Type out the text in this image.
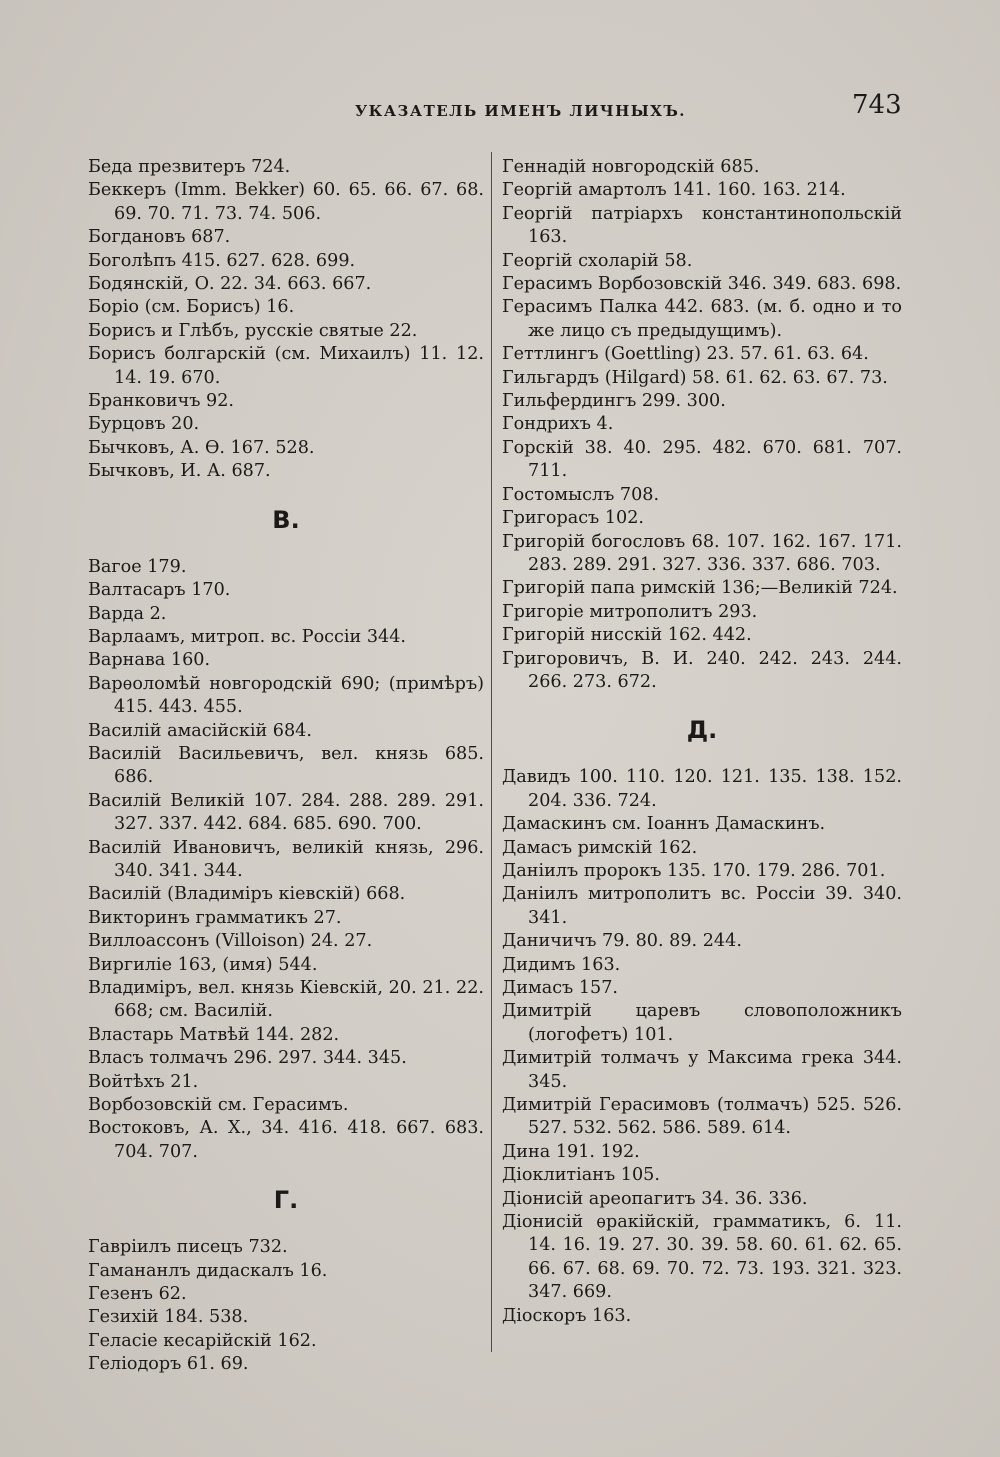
УКАЗАТЕЛЬ ИМЕНЪ ЛИЧНЫХЪ.	743

Беда презвитеръ 724.

Беккеръ (Imm. Bekker) 60. 65. 66. 67. 68. 69. 70. 71. 73. 74. 506.

Богдановъ 687.

Боголѣпъ 415. 627. 628. 699.

Бодянскій, О. 22. 34. 663. 667.

Боріо (см. Борисъ) 16.

Борисъ и Глѣбъ, русскіе святые 22.

Борисъ болгарскій (см. Михаилъ) 11. 12. 14. 19. 670.

Бранковичъ 92.

Бурцовъ 20.

Бычковъ, А. Ѳ. 167. 528.

Бычковъ, И. А. 687.

В.

Вагое 179.

Валтасаръ 170.

Варда 2.

Варлаамъ, митроп. вс. Россіи 344.

Варнава 160.

Варѳоломѣй новгородскій 690; (примѣръ) 415. 443. 455.

Василій амасійскій 684.

Василій Васильевичъ, вел. князь 685. 686.

Василій Великій 107. 284. 288. 289. 291. 327. 337. 442. 684. 685. 690. 700.

Василій Ивановичъ, великій князь, 296. 340. 341. 344.

Василій (Владиміръ кіевскій) 668.

Викторинъ грамматикъ 27.

Виллоассонъ (Villoison) 24. 27.

Виргиліе 163, (имя) 544.

Владиміръ, вел. князь Кіевскій, 20. 21. 22. 668; см. Василій.

Властарь Матвѣй 144. 282.

Власъ толмачъ 296. 297. 344. 345.

Войтѣхъ 21.

Ворбозовскій см. Герасимъ.

Востоковъ, А. Х., 34. 416. 418. 667. 683. 704. 707.

Г.

Гавріилъ писецъ 732.

Гамананлъ дидаскалъ 16.

Гезенъ 62.

Гезихій 184. 538.

Геласіе кесарійскій 162.

Геліодоръ 61. 69.

Геннадій новгородскій 685.

Георгій амартолъ 141. 160. 163. 214.

Георгій патріархъ константинопольскій 163.

Георгій схоларій 58.

Герасимъ Ворбозовскій 346. 349. 683. 698.

Герасимъ Палка 442. 683. (м. б. одно и то же лицо съ предыдущимъ).

Геттлингъ (Goettling) 23. 57. 61. 63. 64.

Гильгардъ (Hilgard) 58. 61. 62. 63. 67. 73.

Гильфердингъ 299. 300.

Гондрихъ 4.

Горскій 38. 40. 295. 482. 670. 681. 707. 711.

Гостомыслъ 708.

Григорасъ 102.

Григорій богословъ 68. 107. 162. 167. 171. 283. 289. 291. 327. 336. 337. 686. 703.

Григорій папа римскій 136;—Великій 724.

Григоріе митрополитъ 293.

Григорій нисскій 162. 442.

Григоровичъ, В. И. 240. 242. 243. 244. 266. 273. 672.

Д.

Давидъ 100. 110. 120. 121. 135. 138. 152. 204. 336. 724.

Дамаскинъ см. Іоаннъ Дамаскинъ.

Дамасъ римскій 162.

Даніилъ пророкъ 135. 170. 179. 286. 701.

Даніилъ митрополитъ вс. Россіи 39. 340. 341.

Даничичъ 79. 80. 89. 244.

Дидимъ 163.

Димасъ 157.

Димитрій царевъ словоположникъ (логофетъ) 101.

Димитрій толмачъ у Максима грека 344. 345.

Димитрій Герасимовъ (толмачъ) 525. 526. 527. 532. 562. 586. 589. 614.

Дина 191. 192.

Діоклитіанъ 105.

Діонисій ареопагитъ 34. 36. 336.

Діонисій ѳракійскій, грамматикъ, 6. 11. 14. 16. 19. 27. 30. 39. 58. 60. 61. 62. 65. 66. 67. 68. 69. 70. 72. 73. 193. 321. 323. 347. 669.

Діоскоръ 163.
